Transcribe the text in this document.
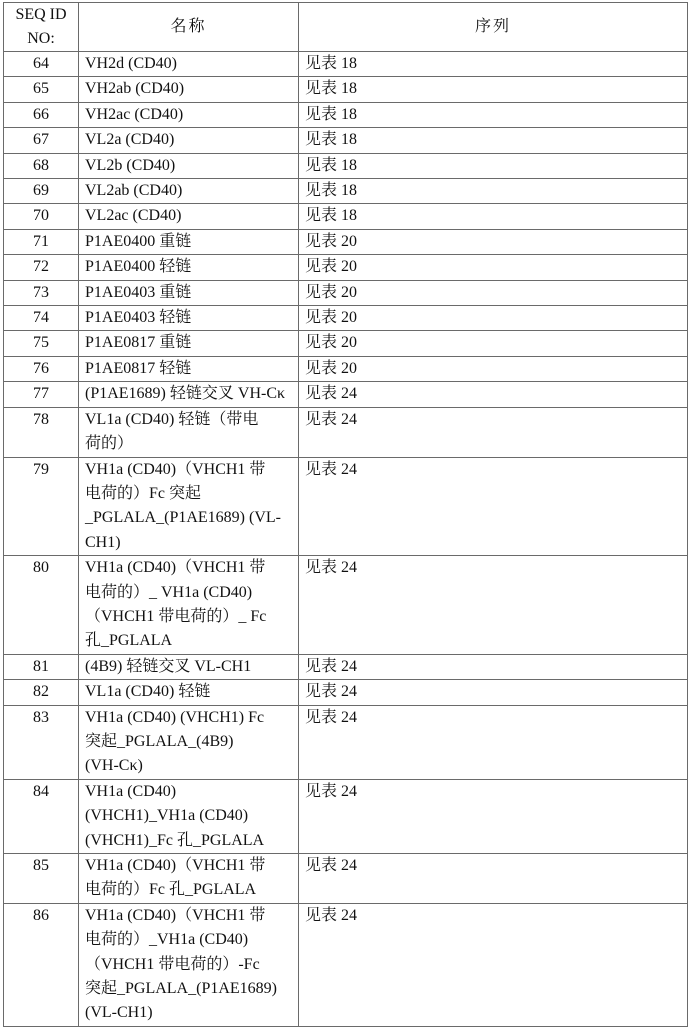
SEQ ID
NO:	名称	序列
64	VH2d (CD40)	见表 18
65	VH2ab (CD40)	见表 18
66	VH2ac (CD40)	见表 18
67	VL2a (CD40)	见表 18
68	VL2b (CD40)	见表 18
69	VL2ab (CD40)	见表 18
70	VL2ac (CD40)	见表 18
71	P1AE0400 重链	见表 20
72	P1AE0400 轻链	见表 20
73	P1AE0403 重链	见表 20
74	P1AE0403 轻链	见表 20
75	P1AE0817 重链	见表 20
76	P1AE0817 轻链	见表 20
77	(P1AE1689) 轻链交叉 VH-Cκ	见表 24
78	VL1a (CD40) 轻链（带电
荷的）	见表 24
79	VH1a (CD40)（VHCH1 带
电荷的）Fc 突起
_PGLALA_(P1AE1689) (VL-
CH1)	见表 24
80	VH1a (CD40)（VHCH1 带
电荷的）_ VH1a (CD40)
（VHCH1 带电荷的）_ Fc
孔_PGLALA	见表 24
81	(4B9) 轻链交叉 VL-CH1	见表 24
82	VL1a (CD40) 轻链	见表 24
83	VH1a (CD40) (VHCH1) Fc
突起_PGLALA_(4B9)
(VH-Cκ)	见表 24
84	VH1a (CD40)
(VHCH1)_VH1a (CD40)
(VHCH1)_Fc 孔_PGLALA	见表 24
85	VH1a (CD40)（VHCH1 带
电荷的）Fc 孔_PGLALA	见表 24
86	VH1a (CD40)（VHCH1 带
电荷的）_VH1a (CD40)
（VHCH1 带电荷的）-Fc
突起_PGLALA_(P1AE1689)
(VL-CH1)	见表 24
